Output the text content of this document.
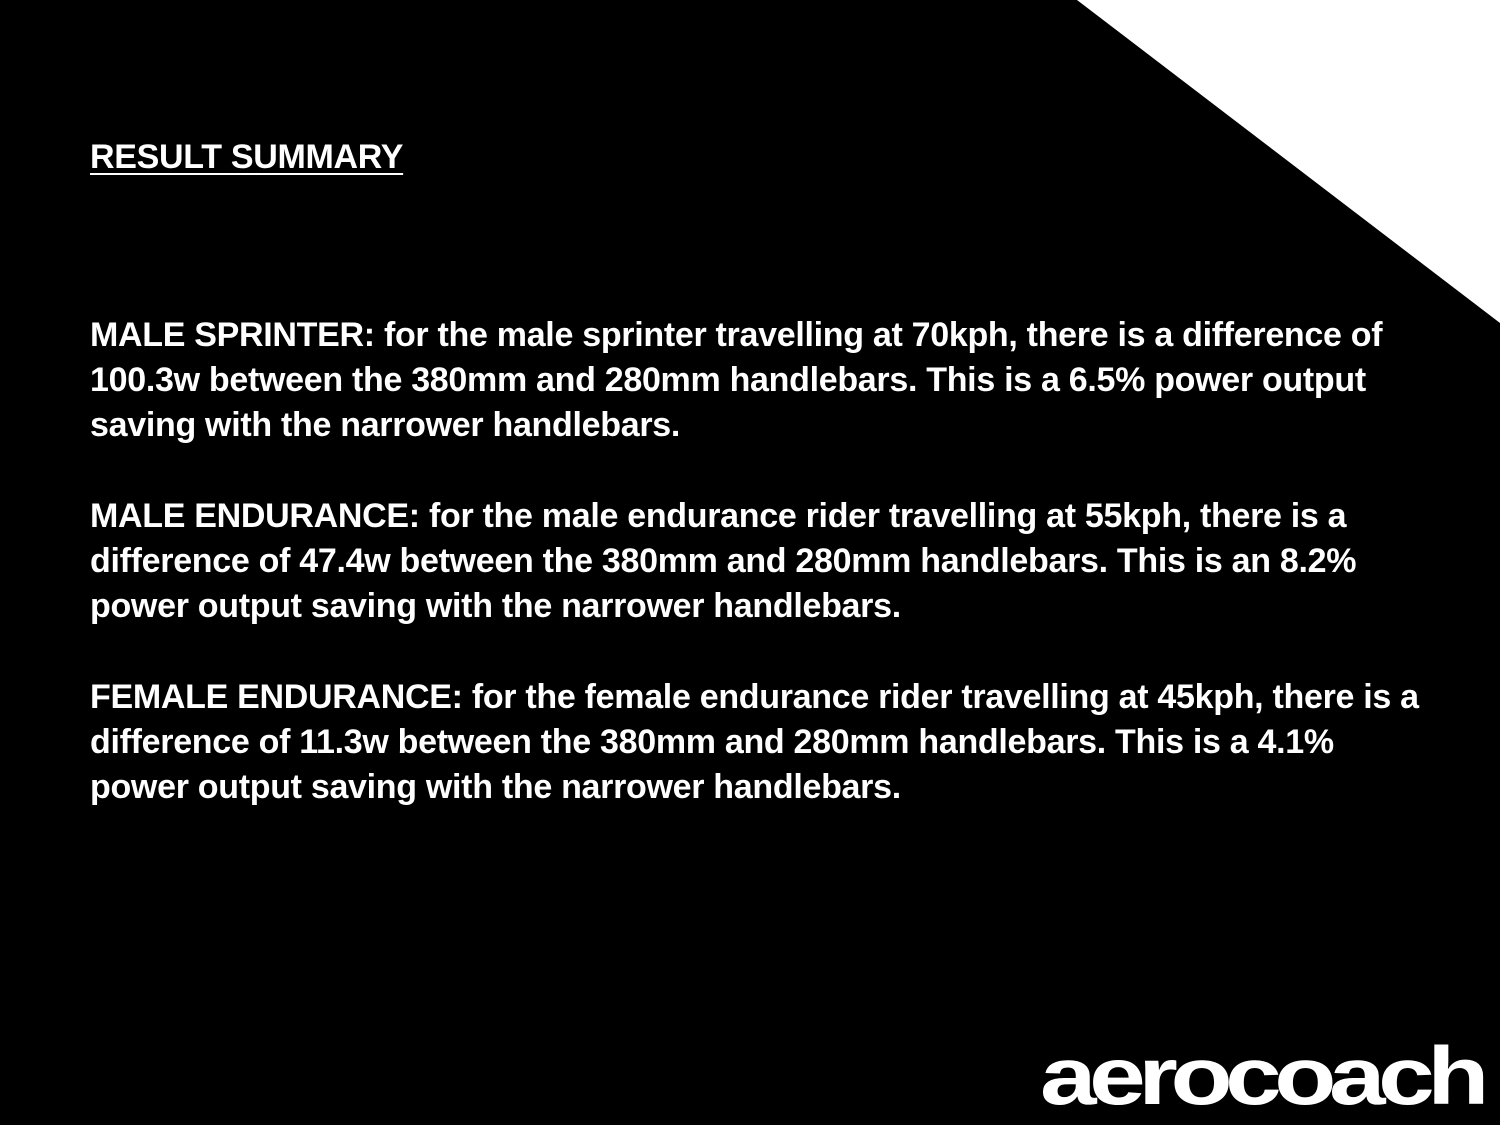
RESULT SUMMARY

MALE SPRINTER: for the male sprinter travelling at 70kph, there is a difference of 100.3w between the 380mm and 280mm handlebars. This is a 6.5% power output saving with the narrower handlebars.

MALE ENDURANCE: for the male endurance rider travelling at 55kph, there is a difference of 47.4w between the 380mm and 280mm handlebars. This is an 8.2% power output saving with the narrower handlebars.

FEMALE ENDURANCE: for the female endurance rider travelling at 45kph, there is a difference of 11.3w between the 380mm and 280mm handlebars. This is a 4.1% power output saving with the narrower handlebars.

aerocoach
